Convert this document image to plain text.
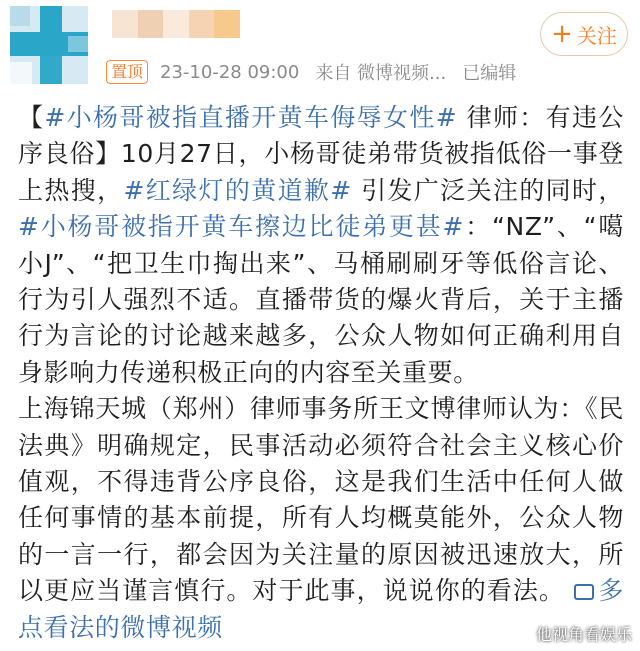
置顶 23-10-28 09:00 来自 微博视频... 已编辑
+ 关注

【#小杨哥被指直播开黄车侮辱女性# 律师：有违公序良俗】10月27日，小杨哥徒弟带货被指低俗一事登上热搜，#红绿灯的黄道歉# 引发广泛关注的同时，#小杨哥被指开黄车擦边比徒弟更甚#：“NZ”、“噶小J”、“把卫生巾掏出来”、马桶刷刷牙等低俗言论、行为引人强烈不适。直播带货的爆火背后，关于主播行为言论的讨论越来越多，公众人物如何正确利用自身影响力传递积极正向的内容至关重要。

上海锦天城（郑州）律师事务所王文博律师认为：《民法典》明确规定，民事活动必须符合社会主义核心价值观，不得违背公序良俗，这是我们生活中任何人做任何事情的基本前提，所有人均概莫能外，公众人物的一言一行，都会因为关注量的原因被迅速放大，所以更应当谨言慎行。对于此事，说说你的看法。 多点看法的微博视频	他视角看娱乐
